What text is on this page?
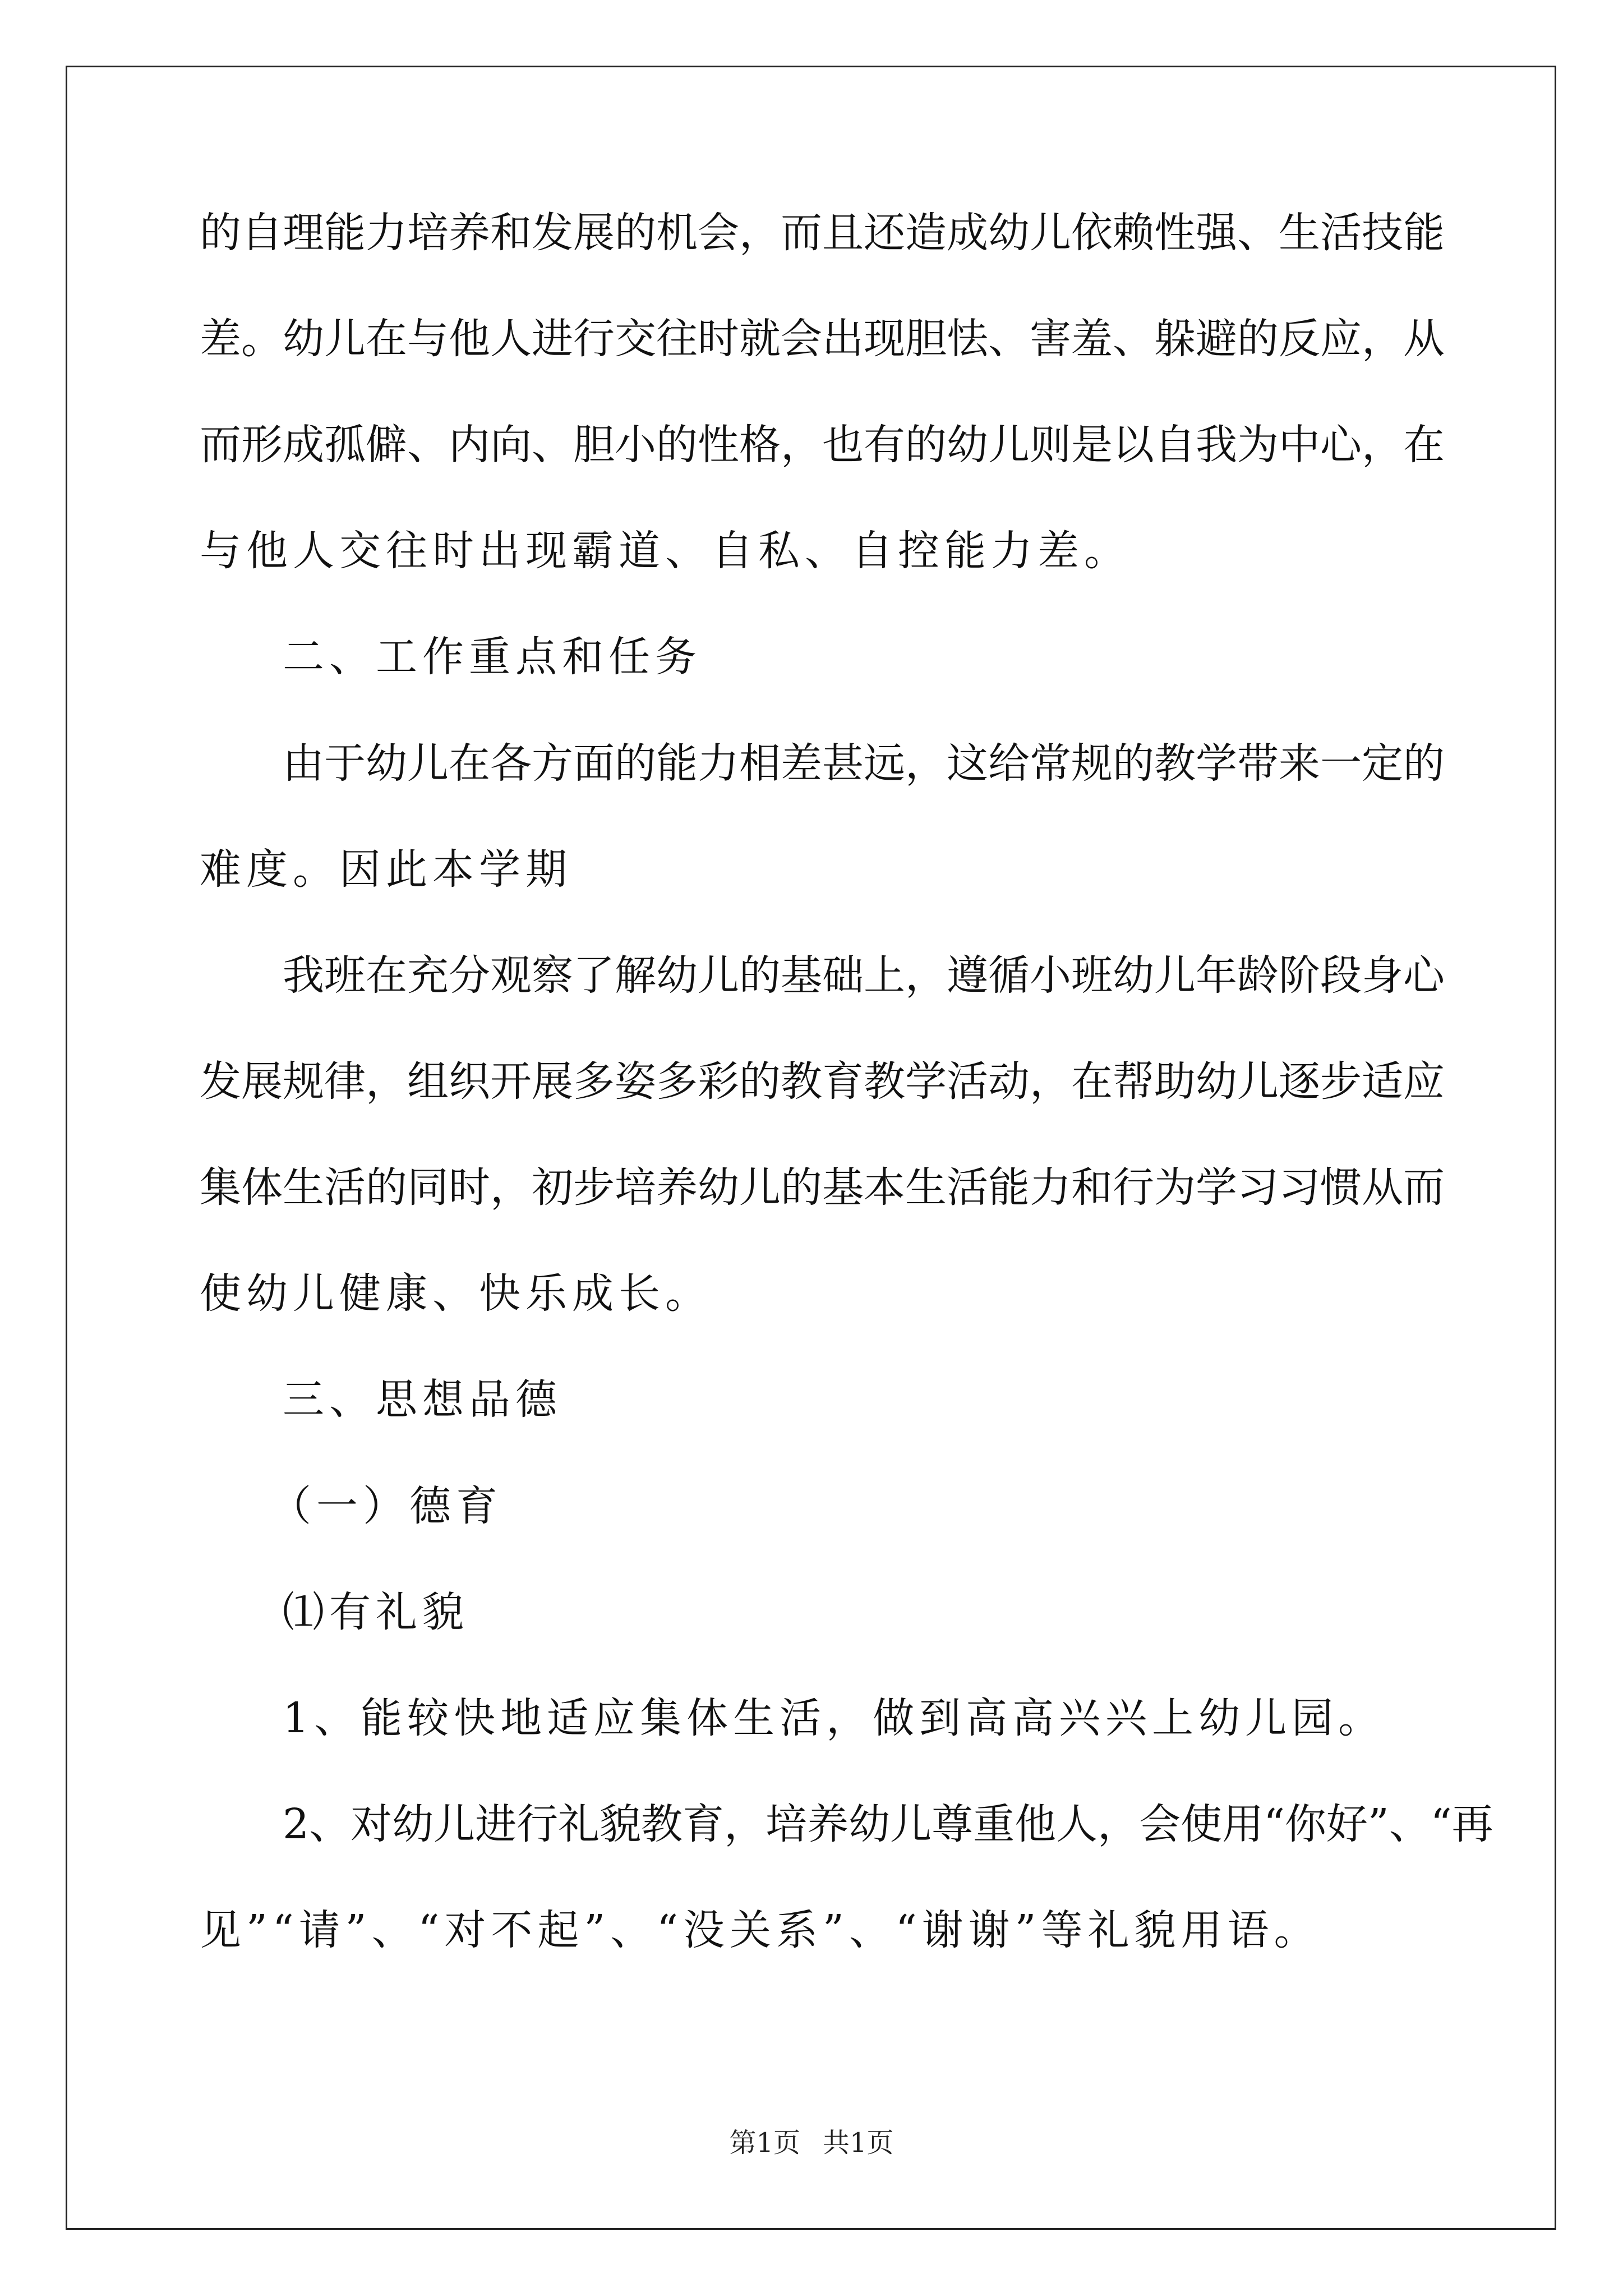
的自理能力培养和发展的机会，而且还造成幼儿依赖性强、生活技能
差。幼儿在与他人进行交往时就会出现胆怯、害羞、躲避的反应，从
而形成孤僻、内向、胆小的性格，也有的幼儿则是以自我为中心，在
与他人交往时出现霸道、自私、自控能力差。
二、工作重点和任务
由于幼儿在各方面的能力相差甚远，这给常规的教学带来一定的
难度。因此本学期
我班在充分观察了解幼儿的基础上，遵循小班幼儿年龄阶段身心
发展规律，组织开展多姿多彩的教育教学活动，在帮助幼儿逐步适应
集体生活的同时，初步培养幼儿的基本生活能力和行为学习习惯从而
使幼儿健康、快乐成长。
三、思想品德
（一）德育
⑴有礼貌
1、能较快地适应集体生活，做到高高兴兴上幼儿园。
2、对幼儿进行礼貌教育，培养幼儿尊重他人，会使用“你好”、“再
见”“请”、“对不起”、“没关系”、“谢谢”等礼貌用语。
第1页 共1页
